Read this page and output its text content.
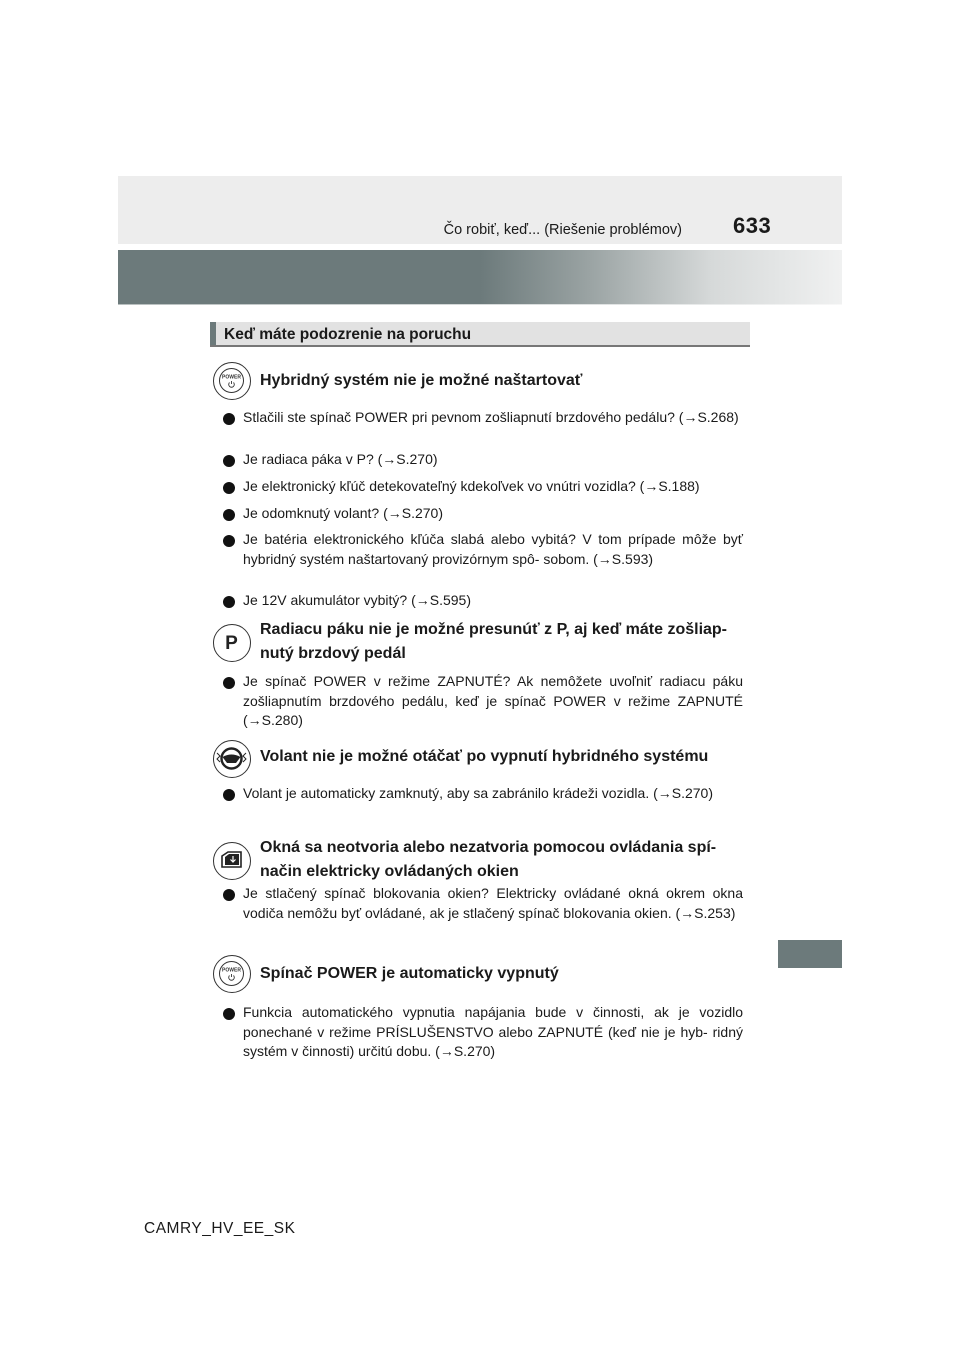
633
Čo robiť, keď... (Riešenie problémov)
Keď máte podozrenie na poruchu
POWER Hybridný systém nie je možné naštartovať
Stlačili ste spínač POWER pri pevnom zošliapnutí brzdového pedálu? (→S.268)
Je radiaca páka v P? (→S.270)
Je elektronický kľúč detekovateľný kdekoľvek vo vnútri vozidla? (→S.188)
Je odomknutý volant? (→S.270)
Je batéria elektronického kľúča slabá alebo vybitá? V tom prípade môže byť hybridný systém naštartovaný provizórnym spô- sobom. (→S.593)
Je 12V akumulátor vybitý? (→S.595)
P
Radiacu páku nie je možné presunúť z P, aj keď máte zošliap- nutý brzdový pedál
Je spínač POWER v režime ZAPNUTÉ? Ak nemôžete uvoľniť radiacu páku zošliapnutím brzdového pedálu, keď je spínač POWER v režime ZAPNUTÉ (→S.280)
Volant nie je možné otáčať po vypnutí hybridného systému
Volant je automaticky zamknutý, aby sa zabránilo krádeži vozidla. (→S.270)
Okná sa neotvoria alebo nezatvoria pomocou ovládania spí- način elektricky ovládaných okien
Je stlačený spínač blokovania okien? Elektricky ovládané okná okrem okna vodiča nemôžu byť ovládané, ak je stlačený spínač blokovania okien. (→S.253)
POWER Spínač POWER je automaticky vypnutý
Funkcia automatického vypnutia napájania bude v činnosti, ak je vozidlo ponechané v režime PRÍSLUŠENSTVO alebo ZAPNUTÉ (keď nie je hyb- ridný systém v činnosti) určitú dobu. (→S.270)
CAMRY_HV_EE_SK
